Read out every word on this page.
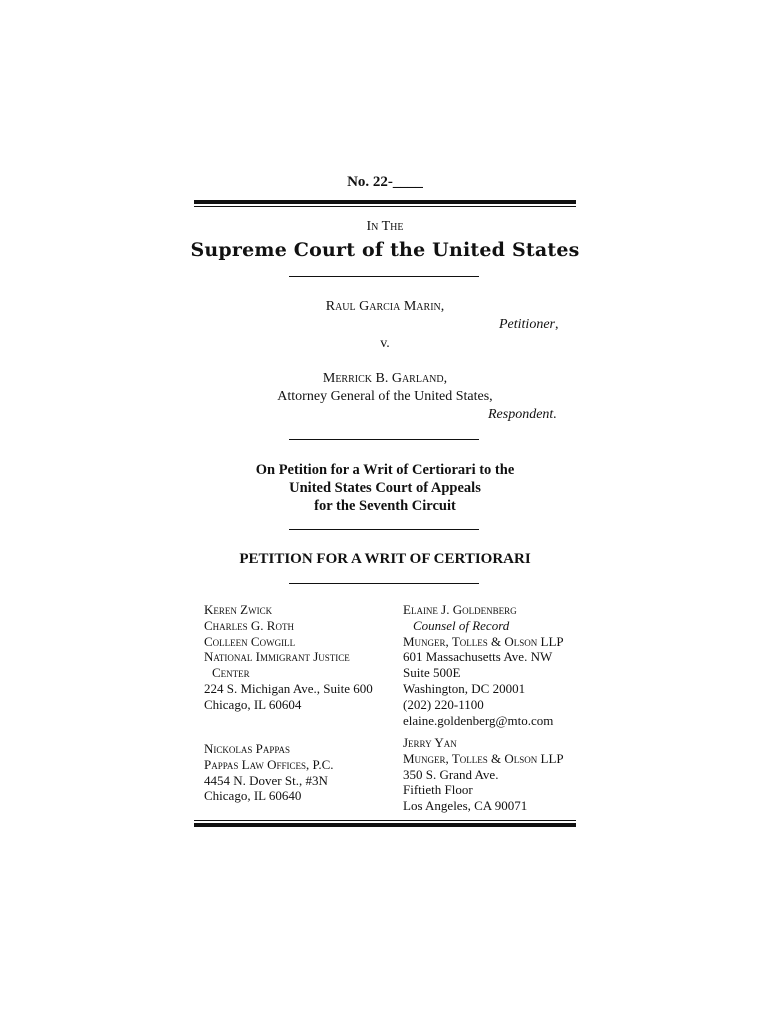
No. 22-____
In The
Supreme Court of the United States
Raul Garcia Marin,
Petitioner,
v.
Merrick B. Garland,
Attorney General of the United States,
Respondent.
On Petition for a Writ of Certiorari to the
United States Court of Appeals
for the Seventh Circuit
PETITION FOR A WRIT OF CERTIORARI
Keren Zwick
Charles G. Roth
Colleen Cowgill
National Immigrant Justice
Center
224 S. Michigan Ave., Suite 600
Chicago, IL 60604
Nickolas Pappas
Pappas Law Offices, P.C.
4454 N. Dover St., #3N
Chicago, IL 60640
Elaine J. Goldenberg
Counsel of Record
Munger, Tolles & Olson LLP
601 Massachusetts Ave. NW
Suite 500E
Washington, DC 20001
(202) 220-1100
elaine.goldenberg@mto.com
Jerry Yan
Munger, Tolles & Olson LLP
350 S. Grand Ave.
Fiftieth Floor
Los Angeles, CA 90071
